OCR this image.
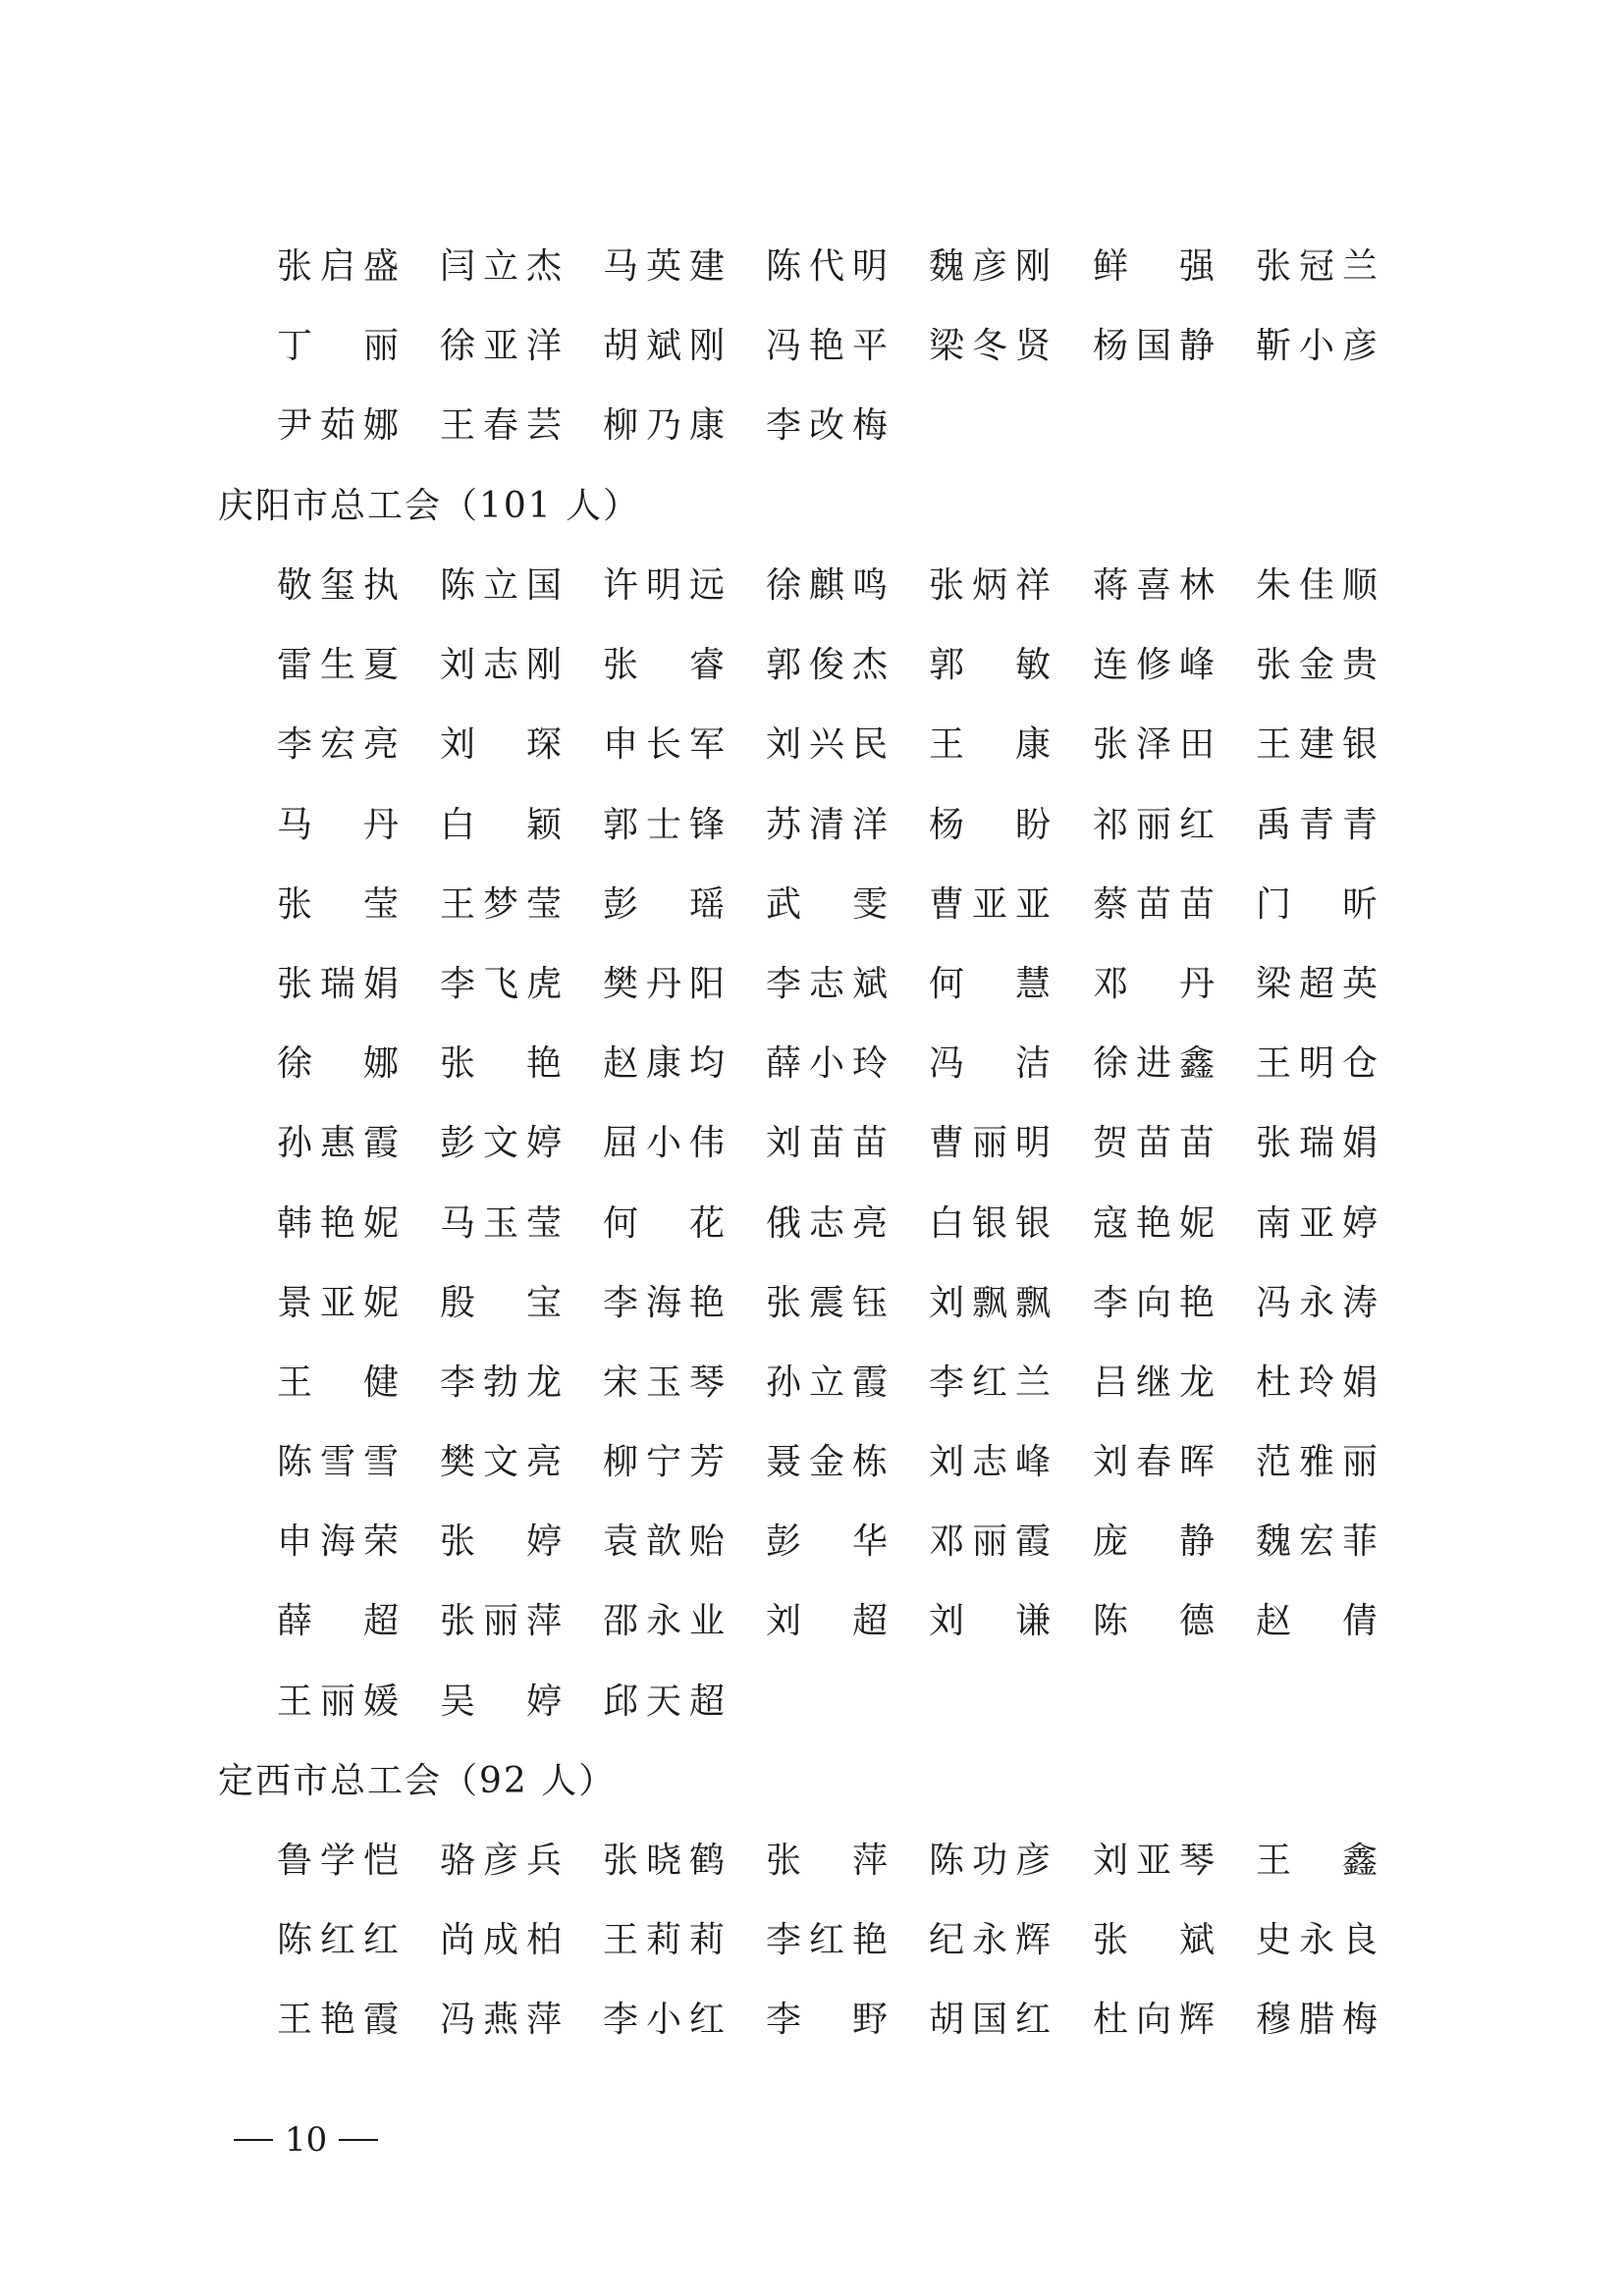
张 启 盛 闫 立 杰 马 英 建 陈 代 明 魏 彦 刚 鲜 强 张 冠 兰
丁 丽 徐 亚 洋 胡 斌 刚 冯 艳 平 梁 冬 贤 杨 国 静 靳 小 彦
尹 茹 娜 王 春 芸 柳 乃 康 李 改 梅
庆阳市总工会（101 人）
敬 玺 执 陈 立 国 许 明 远 徐 麒 鸣 张 炳 祥 蒋 喜 林 朱 佳 顺
雷 生 夏 刘 志 刚 张 睿 郭 俊 杰 郭 敏 连 修 峰 张 金 贵
李 宏 亮 刘 琛 申 长 军 刘 兴 民 王 康 张 泽 田 王 建 银
马 丹 白 颖 郭 士 锋 苏 清 洋 杨 盼 祁 丽 红 禹 青 青
张 莹 王 梦 莹 彭 瑶 武 雯 曹 亚 亚 蔡 苗 苗 门 昕
张 瑞 娟 李 飞 虎 樊 丹 阳 李 志 斌 何 慧 邓 丹 梁 超 英
徐 娜 张 艳 赵 康 均 薛 小 玲 冯 洁 徐 进 鑫 王 明 仓
孙 惠 霞 彭 文 婷 屈 小 伟 刘 苗 苗 曹 丽 明 贺 苗 苗 张 瑞 娟
韩 艳 妮 马 玉 莹 何 花 俄 志 亮 白 银 银 寇 艳 妮 南 亚 婷
景 亚 妮 殷 宝 李 海 艳 张 震 钰 刘 飘 飘 李 向 艳 冯 永 涛
王 健 李 勃 龙 宋 玉 琴 孙 立 霞 李 红 兰 吕 继 龙 杜 玲 娟
陈 雪 雪 樊 文 亮 柳 宁 芳 聂 金 栋 刘 志 峰 刘 春 晖 范 雅 丽
申 海 荣 张 婷 袁 歆 贻 彭 华 邓 丽 霞 庞 静 魏 宏 菲
薛 超 张 丽 萍 邵 永 业 刘 超 刘 谦 陈 德 赵 倩
王 丽 媛 吴 婷 邱 天 超
定西市总工会（92 人）
鲁 学 恺 骆 彦 兵 张 晓 鹤 张 萍 陈 功 彦 刘 亚 琴 王 鑫
陈 红 红 尚 成 柏 王 莉 莉 李 红 艳 纪 永 辉 张 斌 史 永 良
王 艳 霞 冯 燕 萍 李 小 红 李 野 胡 国 红 杜 向 辉 穆 腊 梅
10
